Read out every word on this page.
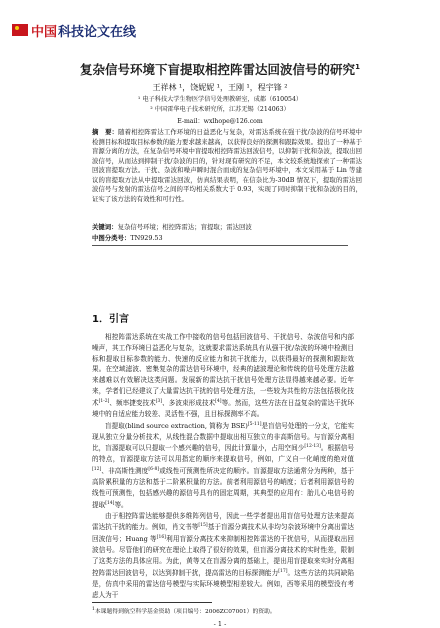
中国 科技论文在线
复杂信号环境下盲提取相控阵雷达回波信号的研究$^1$
王祥林 ¹，饶妮妮 ¹，王刚 ¹，程宇锋 ²
¹ 电子科技大学生物医学信号处理教研室，成都（610054）
² 中国雷华电子技术研究所，江苏无锡（214063）
E-mail：wxlhope@126.com
摘　要：随着相控阵雷达工作环境的日益恶化与复杂，对雷达系统在强干扰/杂波的信号环境中检测目标和提取目标参数的能力要求越来越高，以获得良好的探测和跟踪效果。提出了一种基于盲源分离的方法，在复杂信号环境中盲提取相控阵雷达回波信号，以抑制干扰和杂波，提取出回波信号，从而达到抑制干扰/杂波的目的，针对现有研究的不足，本文较系统地探索了一种雷达回波盲提取方法。干扰、杂波和噪声瞬时混合而成的复杂信号环境中，本文采用基于 Lin 等建议的盲提取方法从中提取雷达回波，仿真结果表明，在信杂比为-30dB 情况下，提取的雷达回波信号与发射的雷达信号之间的平均相关系数大于 0.93，实现了同时抑制干扰和杂波的目的，证实了该方法的有效性和可行性。
关键词：复杂信号环境；相控阵雷达；盲提取；雷达回波
中图分类号：TN929.53
1．引言

相控阵雷达系统在实战工作中接收的信号包括回波信号、干扰信号、杂波信号和内部噪声，其工作环境日益恶化与复杂，这就要求雷达系统具有从强干扰/杂波的环境中检测目标和提取目标参数的能力、快速的反应能力和抗干扰能力，以获得最好的探测和跟踪效果。在空域滤波、密集复杂的雷达信号环境中，经典的滤波理论和传统的信号处理方法越来越难以有效解决这类问题。发展新的雷达抗干扰信号处理方法显得越来越必要。近年来，学者们已经建议了大量雷达抗干扰的信号处理方法，一些较为共性的方法包括极化技术[1-2]、频率捷变技术[3]、多波束形成技术[4]等。然而，这些方法在日益复杂的雷达干扰环境中的自适应能力较差、灵活性不强，且目标探测率不高。

盲提取(blind source extraction, 简称为 BSE)[5-11]是盲信号处理的一分支，它能实现从独立分量分析技术，从线性混合数据中提取出相互独立的非高斯信号。与盲源分离相比，盲源提取可以只提取一个感兴趣的信号，因此计算量小，占用空间少[12-13]。根据信号的特点，盲源提取方法可以用指定的顺序来提取信号，例如，广义自一化峭度的绝对值[12]、非高斯性测度[6-8]或线性可预测性所决定的顺序。盲源提取方法通常分为两种，基于高阶累积量的方法和基于二阶累积量的方法。前者利用源信号的峭度；后者利用源信号的线性可预测性，包括感兴趣的源信号具有的固定周期，其典型的应用有：胎儿心电信号的提取[14]等。

由于相控阵雷达能够提供多维阵列信号，因此一些学者提出用盲信号处理方法来提高雷达抗干扰的能力。例如，肖文书等[15]基于盲源分离技术从非均匀杂波环境中分离出雷达回波信号；Huang 等[16]利用盲源分离技术来抑制相控阵雷达的干扰信号，从而提取出回波信号。尽管他们的研究在理论上取得了很好的效果，但盲源分离技术的实时性差，限制了这类方法的具体应用。为此，黄等又在盲源分离的基础上，提出用盲提取来实时分离相控阵雷达回波信号，以达到抑制干扰，提高雷达的目标探测能力[17]。这些方法的共同缺陷是，仿真中采用的雷达信号模型与实际环境模型相差较大。例如，西等采用的模型没有考虑人为干

$^1$本课题得到航空科学基金资助（项目编号：2006ZC07001）的资助。
- 1 -
